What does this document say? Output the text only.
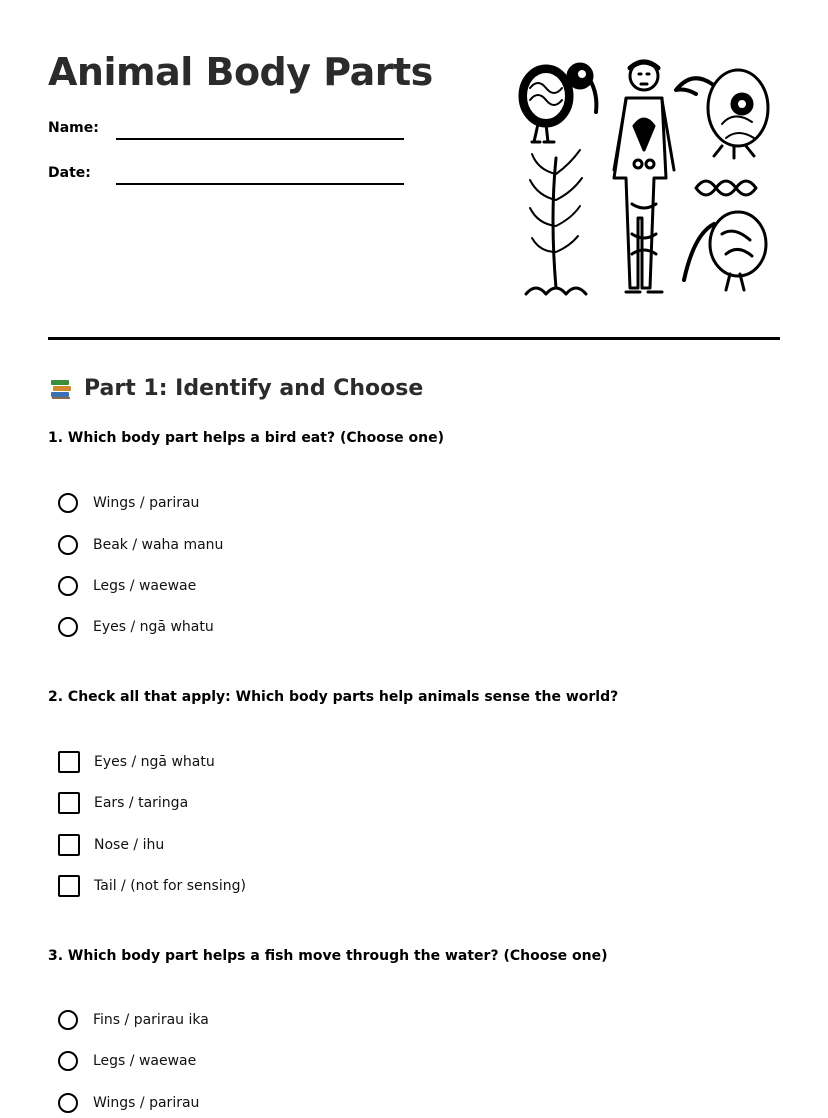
Animal Body Parts
Name:
Date:
Part 1: Identify and Choose

1. Which body part helps a bird eat? (Choose one)

Wings / parirau
Beak / waha manu
Legs / waewae
Eyes / ngā whatu

2. Check all that apply: Which body parts help animals sense the world?

Eyes / ngā whatu
Ears / taringa
Nose / ihu
Tail / (not for sensing)

3. Which body part helps a fish move through the water? (Choose one)

Fins / parirau ika
Legs / waewae
Wings / parirau
